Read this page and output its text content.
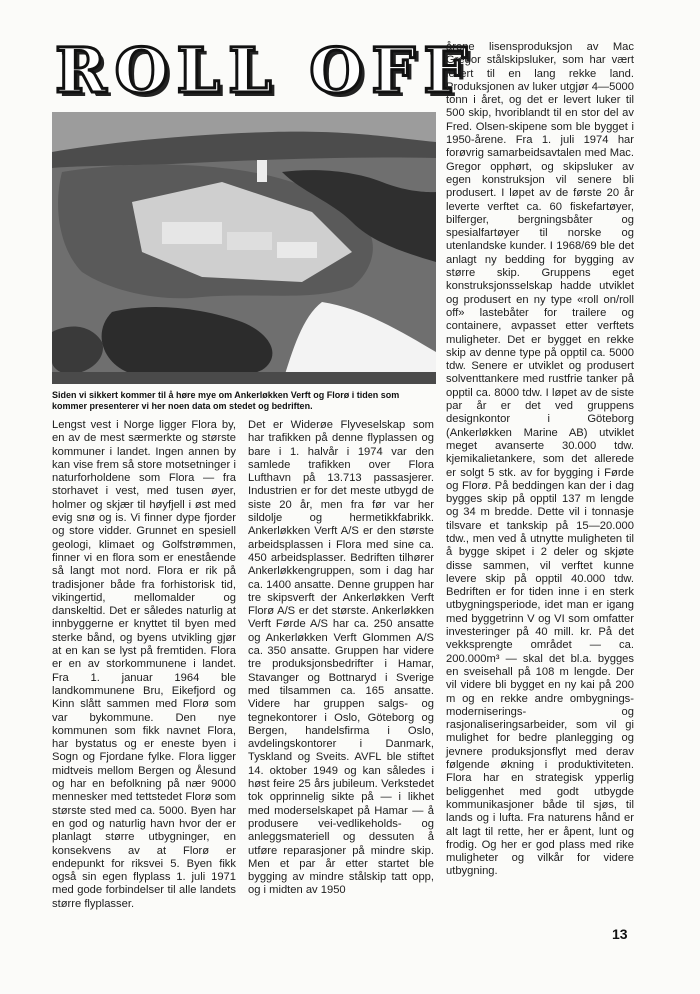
ROLL OFF
Siden vi sikkert kommer til å høre mye om Ankerløkken Verft og Florø i tiden som kommer presenterer vi her noen data om stedet og bedriften.
Lengst vest i Norge ligger Flora by, en av de mest særmerkte og største kommuner i landet. Ingen annen by kan vise frem så store motsetninger i naturforholdene som Flora — fra storhavet i vest, med tusen øyer, holmer og skjær til høyfjell i øst med evig snø og is. Vi finner dype fjorder og store vidder. Grunnet en spesiell geologi, klimaet og Golfstrømmen, finner vi en flora som er enestående så langt mot nord. Flora er rik på tradisjoner både fra forhistorisk tid, vikingertid, mellomalder og danskeltid. Det er således naturlig at innbyggerne er knyttet til byen med sterke bånd, og byens utvikling gjør at en kan se lyst på fremtiden. Flora er en av storkommunene i landet. Fra 1. januar 1964 ble landkommunene Bru, Eikefjord og Kinn slått sammen med Florø som var bykommune. Den nye kommunen som fikk navnet Flora, har bystatus og er eneste byen i Sogn og Fjordane fylke. Flora ligger midtveis mellom Bergen og Ålesund og har en befolkning på nær 9000 mennesker med tettstedet Florø som største sted med ca. 5000. Byen har en god og naturlig havn hvor der er planlagt større utbygninger, en konsekvens av at Florø er endepunkt for riksvei 5. Byen fikk også sin egen flyplass 1. juli 1971 med gode forbindelser til alle landets større flyplasser.
Det er Widerøe Flyveselskap som har trafikken på denne flyplassen og bare i 1. halvår i 1974 var den samlede trafikken over Flora Lufthavn på 13.713 passasjerer. Industrien er for det meste utbygd de siste 20 år, men fra før var her sildolje og hermetikkfabrikk. Ankerløkken Verft A/S er den største arbeidsplassen i Flora med sine ca. 450 arbeidsplasser. Bedriften tilhører Ankerløkkengruppen, som i dag har ca. 1400 ansatte. Denne gruppen har tre skipsverft der Ankerløkken Verft Florø A/S er det største. Ankerløkken Verft Førde A/S har ca. 250 ansatte og Ankerløkken Verft Glommen A/S ca. 350 ansatte. Gruppen har videre tre produksjonsbedrifter i Hamar, Stavanger og Bottnaryd i Sverige med tilsammen ca. 165 ansatte. Videre har gruppen salgs- og tegnekontorer i Oslo, Göteborg og Bergen, handelsfirma i Oslo, avdelingskontorer i Danmark, Tyskland og Sveits. AVFL ble stiftet 14. oktober 1949 og kan således i høst feire 25 års jubileum. Verkstedet tok opprinnelig sikte på — i likhet med moderselskapet på Hamar — å produsere vei-vedlikeholds- og anleggsmateriell og dessuten å utføre reparasjoner på mindre skip. Men et par år etter startet ble bygging av mindre stålskip tatt opp, og i midten av 1950
årene lisensproduksjon av Mac Gregor stålskipsluker, som har vært levert til en lang rekke land. Produksjonen av luker utgjør 4—5000 tonn i året, og det er levert luker til 500 skip, hvoriblandt til en stor del av Fred. Olsen-skipene som ble bygget i 1950-årene. Fra 1. juli 1974 har forøvrig samarbeidsavtalen med Mac. Gregor opphørt, og skipsluker av egen konstruksjon vil senere bli produsert. I løpet av de første 20 år leverte verftet ca. 60 fiskefartøyer, bilferger, bergningsbåter og spesialfartøyer til norske og utenlandske kunder. I 1968/69 ble det anlagt ny bedding for bygging av større skip. Gruppens eget konstruksjonsselskap hadde utviklet og produsert en ny type «roll on/roll off» lastebåter for trailere og containere, avpasset etter verftets muligheter. Det er bygget en rekke skip av denne type på opptil ca. 5000 tdw. Senere er utviklet og produsert solventtankere med rustfrie tanker på opptil ca. 8000 tdw. I løpet av de siste par år er det ved gruppens designkontor i Göteborg (Ankerløkken Marine AB) utviklet meget avanserte 30.000 tdw. kjemikalietankere, som det allerede er solgt 5 stk. av for bygging i Førde og Florø. På beddingen kan der i dag bygges skip på opptil 137 m lengde og 34 m bredde. Dette vil i tonnasje tilsvare et tankskip på 15—20.000 tdw., men ved å utnytte muligheten til å bygge skipet i 2 deler og skjøte disse sammen, vil verftet kunne levere skip på opptil 40.000 tdw. Bedriften er for tiden inne i en sterk utbygningsperiode, idet man er igang med byggetrinn V og VI som omfatter investeringer på 40 mill. kr. På det vekksprengte området — ca. 200.000m³ — skal det bl.a. bygges en sveisehall på 108 m lengde. Der vil videre bli bygget en ny kai på 200 m og en rekke andre ombygnings- moderniserings- og rasjonaliseringsarbeider, som vil gi mulighet for bedre planlegging og jevnere produksjonsflyt med derav følgende økning i produktiviteten. Flora har en strategisk ypperlig beliggenhet med godt utbygde kommunikasjoner både til sjøs, til lands og i lufta. Fra naturens hånd er alt lagt til rette, her er åpent, lunt og frodig. Og her er god plass med rike muligheter og vilkår for videre utbygning.
13
